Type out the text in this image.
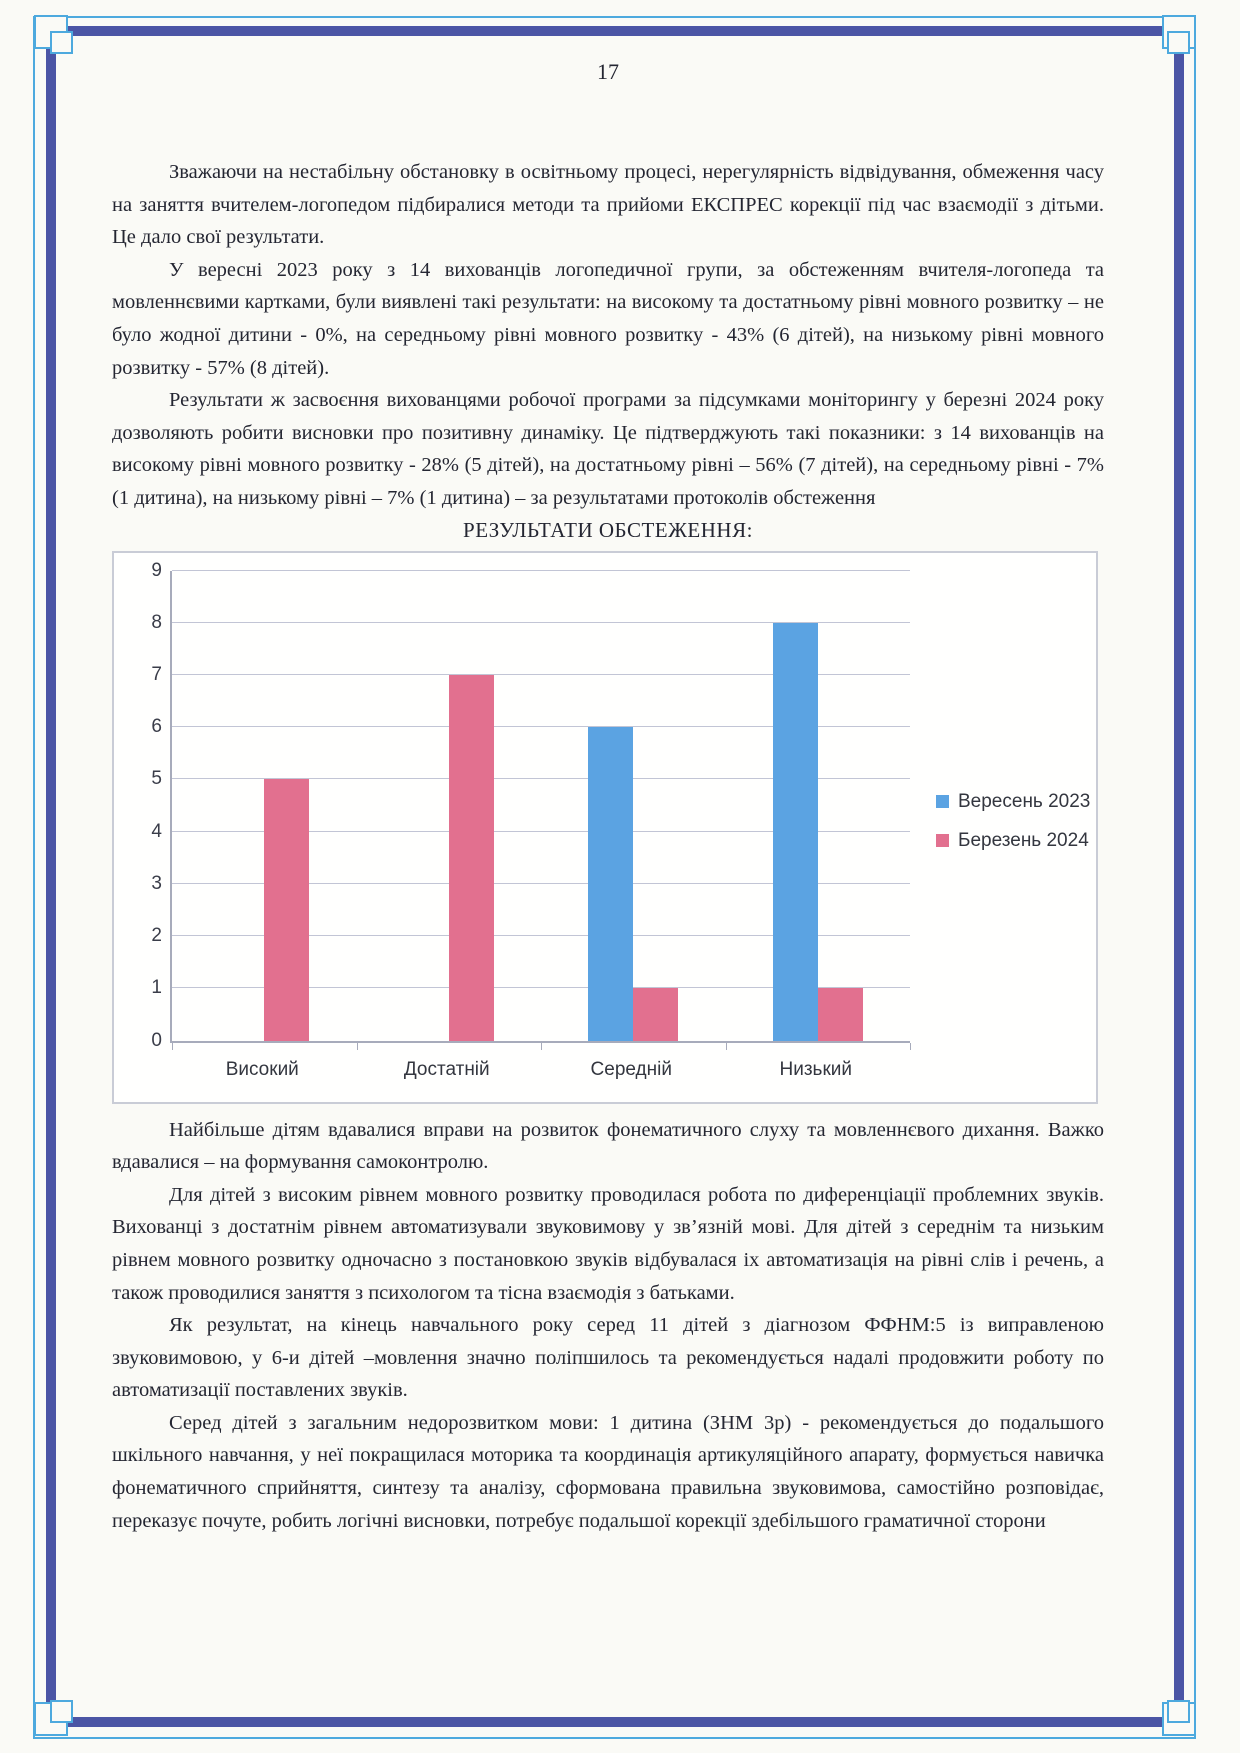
17

Зважаючи на нестабільну обстановку в освітньому процесі, нерегулярність відвідування, обмеження часу на заняття вчителем-логопедом підбиралися методи та прийоми ЕКСПРЕС корекції під час взаємодії з дітьми. Це дало свої результати.

У вересні 2023 року з 14 вихованців логопедичної групи, за обстеженням вчителя-логопеда та мовленнєвими картками, були виявлені такі результати: на високому та достатньому рівні мовного розвитку – не було жодної дитини - 0%, на середньому рівні мовного розвитку - 43% (6 дітей), на низькому рівні мовного розвитку - 57% (8 дітей).

Результати ж засвоєння вихованцями робочої програми за підсумками моніторингу у березні 2024 року дозволяють робити висновки про позитивну динаміку. Це підтверджують такі показники: з 14 вихованців на високому рівні мовного розвитку - 28% (5 дітей), на достатньому рівні – 56% (7 дітей), на середньому рівні - 7% (1 дитина), на низькому рівні – 7% (1 дитина) – за результатами протоколів обстеження

РЕЗУЛЬТАТИ ОБСТЕЖЕННЯ:
Високий	Достатній	Середній	Низький
Вересень 2023
Березень 2024
0
1
2
3
4
5
6
7
8
9

Найбільше дітям вдавалися вправи на розвиток фонематичного слуху та мовленнєвого дихання. Важко вдавалися – на формування самоконтролю.

Для дітей з високим рівнем мовного розвитку проводилася робота по диференціації проблемних звуків. Вихованці з достатнім рівнем автоматизували звуковимову у зв’язній мові. Для дітей з середнім та низьким рівнем мовного розвитку одночасно з постановкою звуків відбувалася іх автоматизація на рівні слів і речень, а також проводилися заняття з психологом та тісна взаємодія з батьками.

Як результат, на кінець навчального року серед 11 дітей з діагнозом ФФНМ:5 із виправленою звуковимовою, у 6-и дітей –мовлення значно поліпшилось та рекомендується надалі продовжити роботу по автоматизації поставлених звуків.

Серед дітей з загальним недорозвитком мови: 1 дитина (ЗНМ 3р) - рекомендується до подальшого шкільного навчання, у неї покращилася моторика та координація артикуляційного апарату, формується навичка фонематичного сприйняття, синтезу та аналізу, сформована правильна звуковимова, самостійно розповідає, переказує почуте, робить логічні висновки, потребує подальшої корекції здебільшого граматичної сторони
